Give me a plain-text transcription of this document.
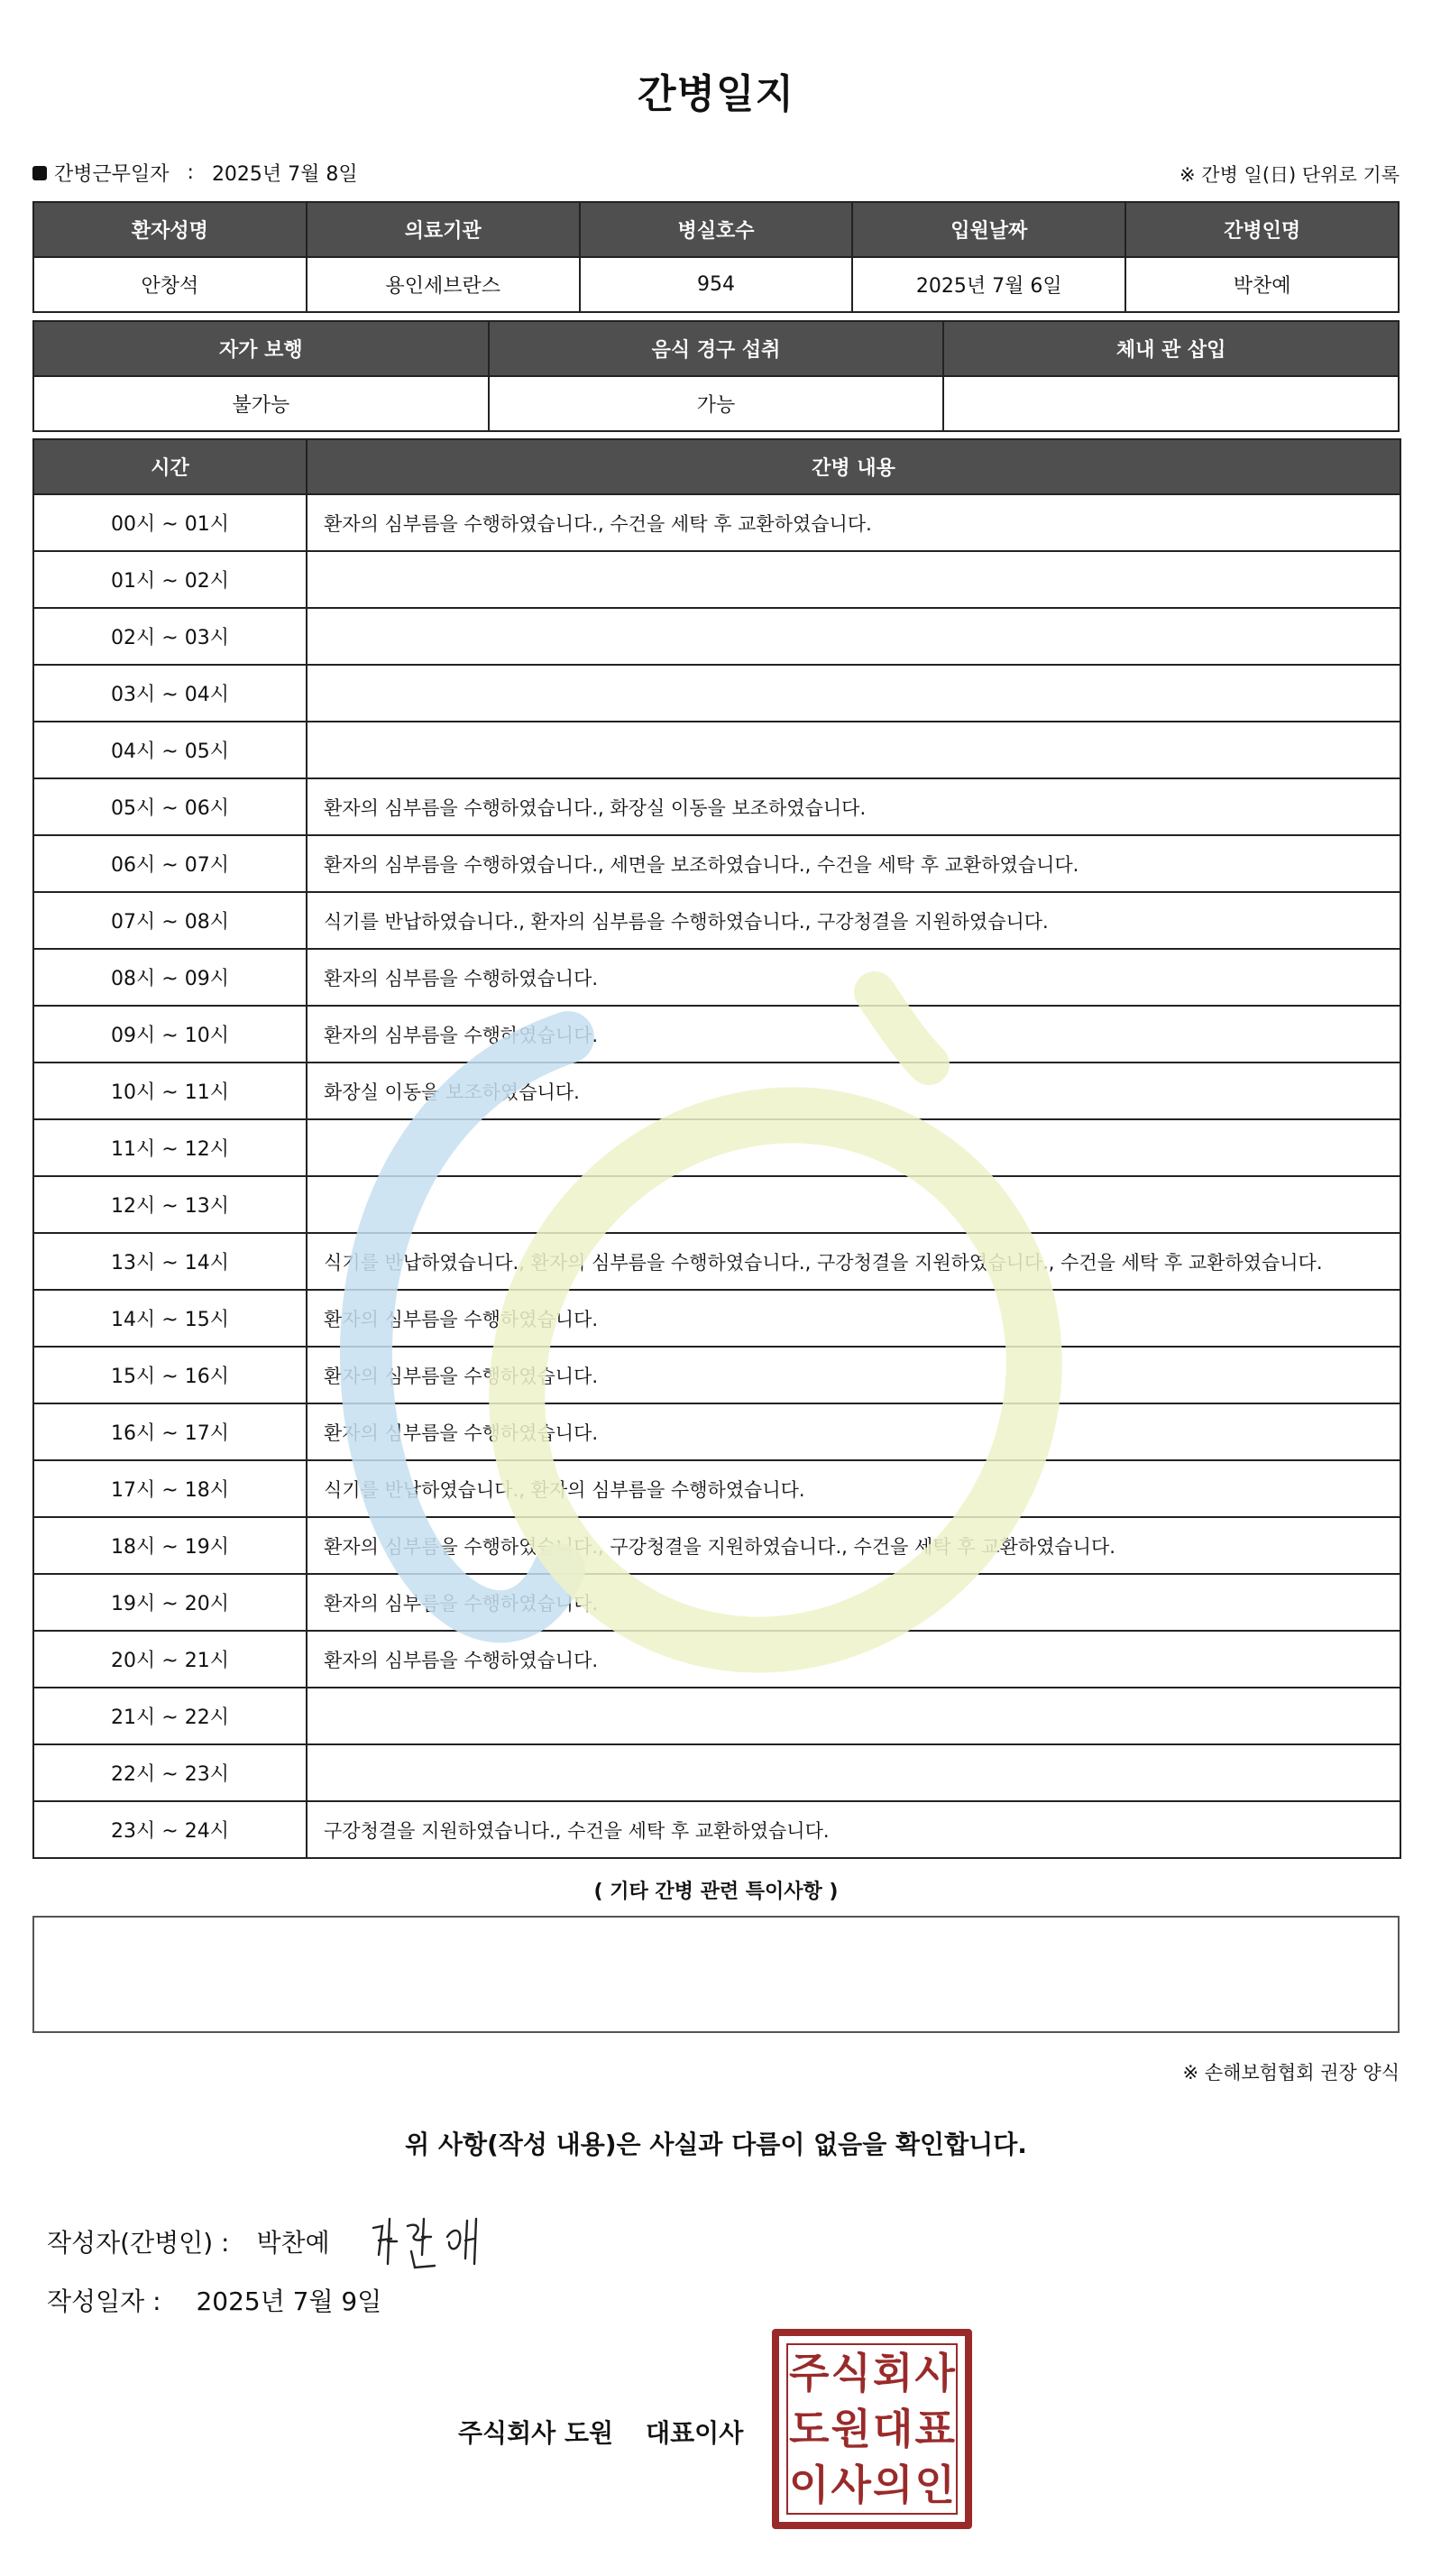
간병일지
간병근무일자 : 2025년 7월 8일	※ 간병 일(日) 단위로 기록
환자성명	의료기관	병실호수	입원날짜	간병인명
안창석	용인세브란스	954	2025년 7월 6일	박찬예
자가 보행	음식 경구 섭취	체내 관 삽입
불가능	가능	
시간	간병 내용
00시 ~ 01시	환자의 심부름을 수행하였습니다., 수건을 세탁 후 교환하였습니다.
01시 ~ 02시	
02시 ~ 03시	
03시 ~ 04시	
04시 ~ 05시	
05시 ~ 06시	환자의 심부름을 수행하였습니다., 화장실 이동을 보조하였습니다.
06시 ~ 07시	환자의 심부름을 수행하였습니다., 세면을 보조하였습니다., 수건을 세탁 후 교환하였습니다.
07시 ~ 08시	식기를 반납하였습니다., 환자의 심부름을 수행하였습니다., 구강청결을 지원하였습니다.
08시 ~ 09시	환자의 심부름을 수행하였습니다.
09시 ~ 10시	환자의 심부름을 수행하였습니다.
10시 ~ 11시	화장실 이동을 보조하였습니다.
11시 ~ 12시	
12시 ~ 13시	
13시 ~ 14시	식기를 반납하였습니다., 환자의 심부름을 수행하였습니다., 구강청결을 지원하였습니다., 수건을 세탁 후 교환하였습니다.
14시 ~ 15시	환자의 심부름을 수행하였습니다.
15시 ~ 16시	환자의 심부름을 수행하였습니다.
16시 ~ 17시	환자의 심부름을 수행하였습니다.
17시 ~ 18시	식기를 반납하였습니다., 환자의 심부름을 수행하였습니다.
18시 ~ 19시	환자의 심부름을 수행하였습니다., 구강청결을 지원하였습니다., 수건을 세탁 후 교환하였습니다.
19시 ~ 20시	환자의 심부름을 수행하였습니다.
20시 ~ 21시	환자의 심부름을 수행하였습니다.
21시 ~ 22시	
22시 ~ 23시	
23시 ~ 24시	구강청결을 지원하였습니다., 수건을 세탁 후 교환하였습니다.
( 기타 간병 관련 특이사항 )
※ 손해보험협회 권장 양식
위 사항(작성 내용)은 사실과 다름이 없음을 확인합니다.
작성자(간병인) : 박찬예
작성일자 : 2025년 7월 9일
주식회사 도원 대표이사
주 식 회 사
도 원 대 표
이 사 의 인
